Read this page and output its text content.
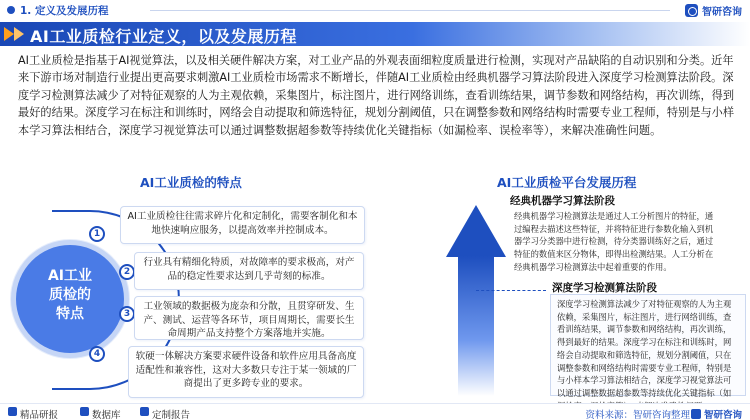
1. 定义及发展历程	智研咨询
AI工业质检行业定义，以及发展历程

AI工业质检是指基于AI视觉算法，以及相关硬件解决方案，对工业产品的外观表面细粒度质量进行检测，实现对产品缺陷的自动识别和分类。近年来下游市场对制造行业提出更高要求刺激AI工业质检市场需求不断增长，伴随AI工业质检由经典机器学习算法阶段进入深度学习检测算法阶段。深度学习检测算法减少了对特征观察的人为主观依赖，采集图片，标注图片，进行网络训练，查看训练结果，调节参数和网络结构，再次训练，得到最好的结果。深度学习在标注和训练时，网络会自动提取和筛选特征，规划分割阈值，只在调整参数和网络结构时需要专业工程师，特别是与小样本学习算法相结合，深度学习视觉算法可以通过调整数据超参数等持续优化关键指标（如漏检率、误检率等），来解决准确性问题。

AI工业质检的特点
AI工业
质检的
特点
1
2
3
4
AI工业质检往往需求碎片化和定制化，需要客制化和本地快速响应服务，以提高效率并控制成本。
行业具有精细化特质，对故障率的要求极高，对产品的稳定性要求达到几乎苛刻的标准。
工业领域的数据极为庞杂和分散，且贯穿研发、生产、测试、运营等各环节，项目周期长，需要长生命周期产品支持整个方案落地并实施。
软硬一体解决方案要求硬件设备和软件应用具备高度适配性和兼容性，这对大多数只专注于某一领域的厂商提出了更多跨专业的要求。
AI工业质检平台发展历程
经典机器学习算法阶段
经典机器学习检测算法是通过人工分析图片的特征，通过编程去描述这些特征，并将特征进行参数化输入到机器学习分类器中进行检测，待分类器训练好之后，通过特征的数值来区分物体，即得出检测结果。人工分析在经典机器学习检测算法中起着重要的作用。
深度学习检测算法阶段
深度学习检测算法减少了对特征观察的人为主观依赖，采集图片，标注图片，进行网络训练，查看训练结果，调节参数和网络结构，再次训练，得到最好的结果。深度学习在标注和训练时，网络会自动提取和筛选特征，规划分割阈值，只在调整参数和网络结构时需要专业工程师，特别是与小样本学习算法相结合，深度学习视觉算法可以通过调整数据超参数等持续优化关键指标（如
精品研报	数据库	定制报告	资料来源：智研咨询整理 智研咨询
